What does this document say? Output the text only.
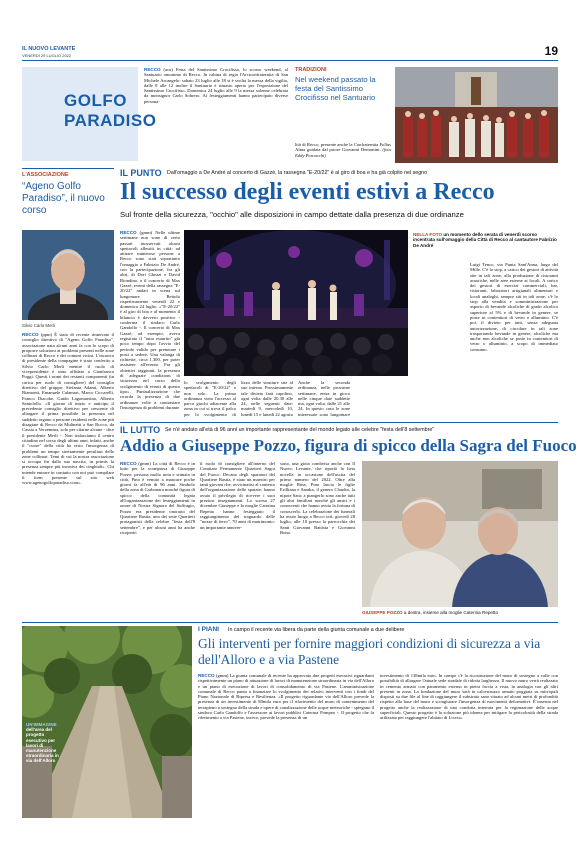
IL NUOVO LEVANTE
VENERDÌ 29 LUGLIO 2022	19
GOLFO
PARADISO
RECCO (acu) Festa del Santissimo Crocifisso, lo scorso weekend, al Santuario omonimo di Recco. In cabina di regia l'Arciconfraternita di San Michele Arcangelo: sabato 23 luglio alle 18 si è svolta la messa della vigilia, dalle 8 alle 12 inoltre il Santuario è rimasto aperto per l'esposizione del Santissimo Crocifisso. Domenica 24 luglio alle 9 la messa solenne celebrata da monsignor Carlo Sobrero. Ai festeggiamenti hanno partecipato diverse persona-
TRADIZIONI
Nel weekend passato la festa del Santissimo Crocifisso nel Santuario
lità di Recco, presente anche la Confraternita Follus Alma guidata dal priore Giovanni Demartini. (foto Eddy Porcacchi)
L'ASSOCIAZIONE
“Ageno Golfo Paradiso”, il nuovo corso
Silvio Carlo Merli
RECCO (ppm) È stato di recente rinnovato il consiglio direttivo di "Ageno Golfo Paradiso", associazione nata alcuni anni fa con lo scopo di proporre soluzioni ai problemi presenti nelle zone collinari di Recco e dei comuni vicini. L'incarico di presidente della compagine è stato conferito a Silvio Carlo Merli mentre il ruolo di vicepresidente è stato affidato a Gianfranco Poggi. Questi i nomi dei restanti componenti (in carica per ruolo di consigliere) del consiglio direttivo del gruppo: Stefania Adami, Alberto Biamonti, Emanuele Calamari, Marco Ciccarelli, Franco Diacobe, Guido Lagomarsino, Alberto Santolollo. «Il giorno di inizio e anticipo il precedente consiglio direttivo per crescente di allargare il prima possibile la presenza nel suddetto organo a persone residenti nelle zone più disagiate di Recco da Mulinetti a San Rocco, da Cassia a Verzemma, solo per citarne alcune - dice il presidente Merli -. Non tralasciamo il centro cittadino nel corso degli ultimi anni, infatti, anche il "cuore" della città ha visto l'insorgenza di problemi un tempo strettamente peculiari delle zone collinari. Temi di cui la nostra associazione si occupa fin dalla sua nascita, in primis la presenza sempre più invasiva dei cinghiali». Chi intende entrare in contatto con noi può compilare il form presente sul sito web www.agenogolfoparadiso.com».
IL PUNTO Dall'omaggio a De André al concerto di Gazzè, la rassegna "E-20/22" è al giro di boa e ha già colpito nel segno
Il successo degli eventi estivi a Recco
Sul fronte della sicurezza, "occhio" alle disposizioni in campo dettate dalla presenza di due ordinanze
RECCO (gmm) Nelle ultime settimane non sono di certo passati inosservati alcuni spettacoli allestiti in città: ad attirare numerose persone a Recco sono stati soprattutto l'omaggio a Fabrizio De André, con la partecipazione, fra gli altri, di Dori Ghezzi e David Riondino, e il concerto di Max Gazzè, eventi della rassegna "E-20/22" andati in scena sul lungomare Bettolo rispettivamente venerdì 22 e domenica 24 luglio. «"E-20/22" è al giro di boa e al momento il bilancio è davvero positivo - conferma il sindaco Carlo Gandolfo -. Il concerto di Max Gazzè, ad esempio, aveva registrato il "tutto esaurito" già poco tempo dopo l'avvio del periodo valido per prenotare i posti a sedere. Una valanga di richieste, circa 1.300, per poter assistere all'evento. Fra gli obiettivi raggiunti, la presenza di adeguate condizioni di sicurezza nel corso dello svolgimento di eventi di questo tipo». Puntualizzazione che ricorda la presenza di due ordinanze volte a contrastare l'insorgenza di problemi durante
lo svolgimento degli spettacoli di "E-20/22" e non solo. La prima ordinanza vieta l'accesso al parco giochi adiacente alla zona in cui si trova il palco per lo svolgimento di
lizzo delle strutture site al suo interno. Prossimamente tale divieto farà capolino, ogni volta dalle 20.30 alle 24, nelle seguenti date: martedì 9, mercoledì 10, lunedì 15 e lunedì 22 agosto
Anche la seconda ordinanza, nelle prossime settimane, entra in gioco nelle cinque date suddette ma, ogni volta, dalle 21 alle 24. In questo caso le zone interessate sono lungomare
NELLA FOTO un momento dello serata di venerdì scorso incentrata sull'omaggio della Città di Recco al cantautore Fabrizio De André
Luigi Tenco, via Punta Sant'Anna, largo del Mille. C'è lo stop, a carico dei gestori di attività site in tali zone, alla produzione di ristoranti acustiche, nelle aree esterne ai locali. A carico dei gestori di esercizi commerciali, bar, ristoranti, laboratori artigianali alimentari e locali analoghi, sempre siti in tali zone, c'è lo stop alla vendita e somministrazione per asporto di bevande alcoliche di grado alcolico superiore al 5% e di bevande in genere, se poste in contenitori di vetro o alluminio. C'è poi, il divieto per tutti, senza adeguata autorizzazione, di circolare in tali zone trasportando bevande in genere, alcoliche ma anche non alcoliche se poste in contenitori di vetro o alluminio, a scopo di immediato consumo.
IL LUTTO Se n'è andato all'età di 96 anni un importante rappresentante del mondo legato alle celebre "festa dell'8 settembre"
Addio a Giuseppe Pozzo, figura di spicco della Sagra del Fuoco
RECCO (gmm) La città di Recco è in lutto per la scomparsa di Giuseppe Pozzo: persona molto nota e stimata in città, Pino è venuto a mancare poche giorni fa all'età di 96 anni. Simbolo della zona di Carbonara nonché figura di spicco della comunità legata all'organizzazione dei festeggiamenti in onore di Nostra Signora del Suffragio, Pozzo era presidente onorario del Quartiere Bastia, uno dei sette Quartieri protagonisti della celebre "festa dell'8 settembre", e per alcuni anni ha anche ricoperto
il ruolo di consigliere all'interno del Comitato Permanente Quartieri Sagra del Fuoco. Decano degli sparatori del Quartiere Bastia, è stato un maestro per tanti giovani che, avvicinatisi al contesto dell'organizzazione delle sparate, hanno avuto il privilegio di ricevere i suoi preziosi insegnamenti. Lo scorso 27 dicembre Giuseppe e la moglie Caterina Repetto hanno festeggiato il raggiungimento del traguardo delle "nozze di ferro", 70 anni di matrimonio: un importante anniver-
sario, una gioia condivisa anche con Il Nuovo Levante, che riportò la lieta novella in occasione dell'uscita del primo numero del 2022. Oltre alla moglie Rina, Pino lascia le figlie Erilliana e Sandra, il genero Claudio, la nipote Sara: a piangerlo sono anche tutti gli altri familiari nonché gli amici e i conoscenti che hanno avuto la fortuna di conoscerlo. La celebrazione dei funerali ha avuto luogo a Recco ieri, giovedì 28 luglio, alle 10 presso la parrocchia dei Santi Giovanni Battista e Giovanni Bono.
GIUSEPPE POZZO a destra, insieme alla moglie Caterina Repetto
UN'IMMAGINE
dell'area del progetto esecutivo per lavori di manutenzione straordinaria in via dell'Alloro
I PIANI In campo il recente via libera da parte della giunta comunale a due delibere
Gli interventi per fornire maggiori condizioni di sicurezza a via dell'Alloro e a via Pastene
RECCO (gmm) La giunta comunale di recente ha approvato due progetti esecutivi riguardanti rispettivamente un piano di attuazione di lavori di manutenzione straordinaria in via dell'Alloro e un piano di esecuzione di lavori di consolidamento di via Pastene. L'amministrazione comunale di Recco punta a finanziare lo svolgimento dei relativi interventi con i fondi del Piano Nazionale di Ripresa e Resilienza. «Il progetto riguardante via dell'Alloro prevede la presenza di un investimento di 80mila euro per il rifacimento del muro di contenimento del terrapieno a sostegno della strada e opere di canalizzazione delle acque meteoriche - spiegano il sindaco Carlo Gandolfo e l'assessore ai lavori pubblici Caterina Pompeo -. Il progetto che fa riferimento a via Pastene, invece, prevede la presenza di un
investimento di 138mila euro. In campo c'è la ricostruzione del muro di sostegno a valle con possibilità di allargare l'attuale sede stradale di ridotta larghezza. Il nuovo muro verrà realizzato in cemento armato con paramento esterno in pietra faccia a vista, in analogia con gli altri presenti in zona. La fondazione del muro sarà in calcestruzzo armato poggiata su micropali disposti su due file al fine di raggiungere il substrato sano situato ad alcuni metri di profondità rispetto alla base del muro e scongiurare l'insorgenza di movimenti deformativi. È inserita nel progetto anche la realizzazione di una condotta interrata per la regimazione delle acque superficiali. Questo progetto è la soluzione più idonea per mitigare la pericolosità della strada utilizzata per raggiungere l'abitato di Licesi».
